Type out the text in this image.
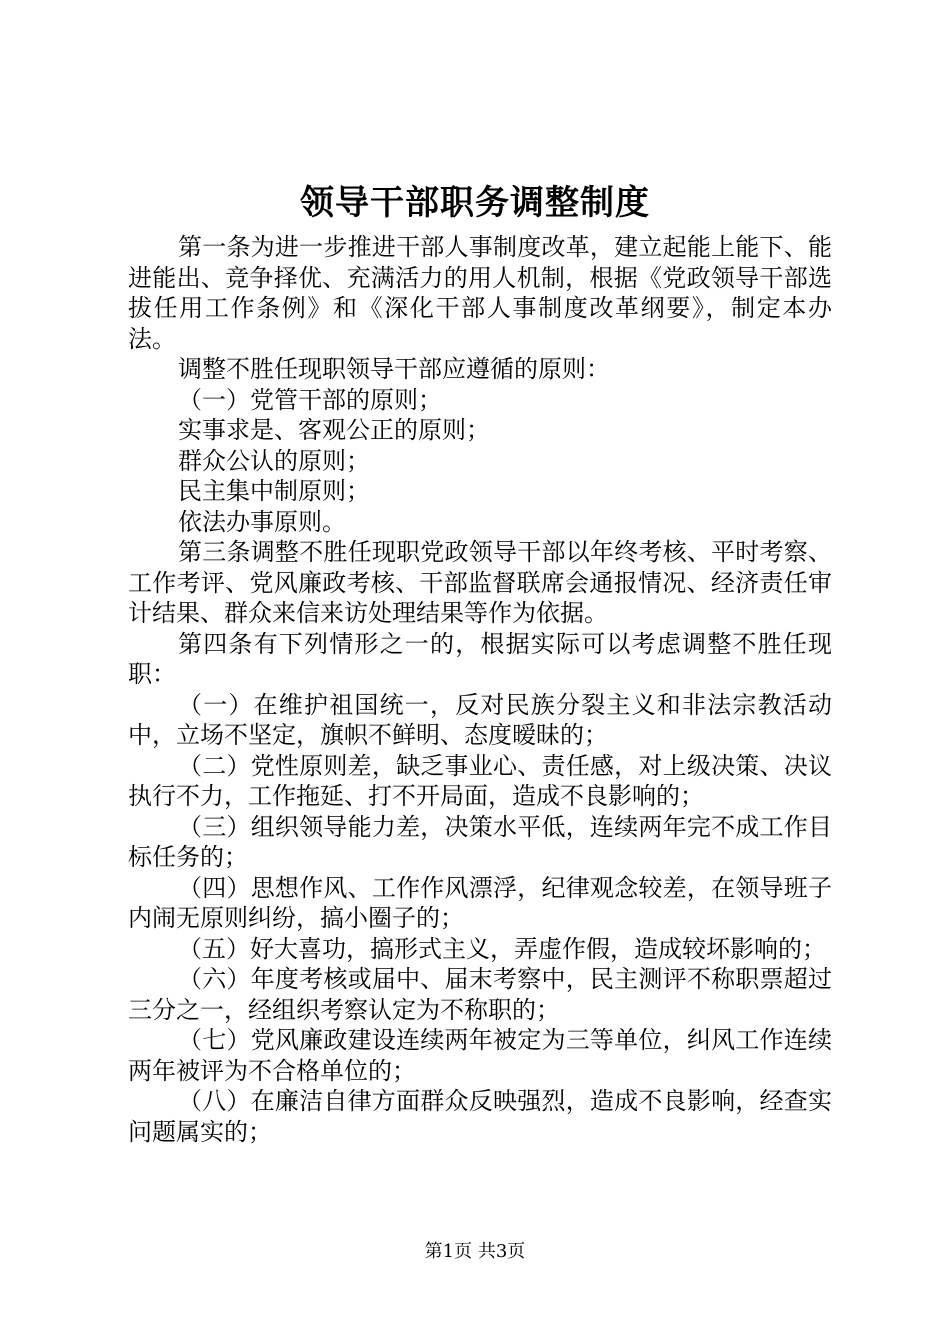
领导干部职务调整制度

第一条为进一步推进干部人事制度改革，建立起能上能下、能进能出、竞争择优、充满活力的用人机制，根据《党政领导干部选拔任用工作条例》和《深化干部人事制度改革纲要》，制定本办法。

调整不胜任现职领导干部应遵循的原则：

（一）党管干部的原则；

实事求是、客观公正的原则；

群众公认的原则；

民主集中制原则；

依法办事原则。

第三条调整不胜任现职党政领导干部以年终考核、平时考察、工作考评、党风廉政考核、干部监督联席会通报情况、经济责任审计结果、群众来信来访处理结果等作为依据。

第四条有下列情形之一的，根据实际可以考虑调整不胜任现职：

（一）在维护祖国统一，反对民族分裂主义和非法宗教活动中，立场不坚定，旗帜不鲜明、态度暧昧的；

（二）党性原则差，缺乏事业心、责任感，对上级决策、决议执行不力，工作拖延、打不开局面，造成不良影响的；

（三）组织领导能力差，决策水平低，连续两年完不成工作目标任务的；

（四）思想作风、工作作风漂浮，纪律观念较差，在领导班子内闹无原则纠纷，搞小圈子的；

（五）好大喜功，搞形式主义，弄虚作假，造成较坏影响的；

（六）年度考核或届中、届末考察中，民主测评不称职票超过三分之一，经组织考察认定为不称职的；

（七）党风廉政建设连续两年被定为三等单位，纠风工作连续两年被评为不合格单位的；

（八）在廉洁自律方面群众反映强烈，造成不良影响，经查实问题属实的；

第1页 共3页
